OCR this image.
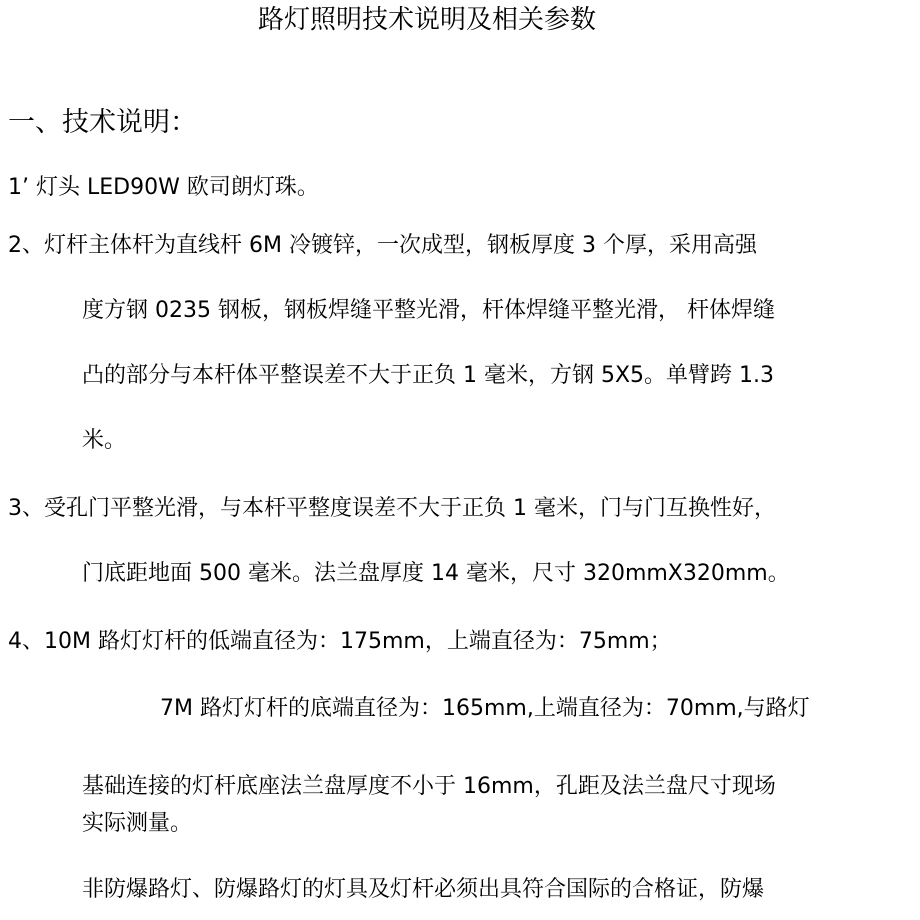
路灯照明技术说明及相关参数
一、技术说明：
1’ 灯头 LED90W 欧司朗灯珠。
2、灯杆主体杆为直线杆 6M 冷镀锌，一次成型，钢板厚度 3 个厚，采用高强
度方钢 0235 钢板，钢板焊缝平整光滑，杆体焊缝平整光滑， 杆体焊缝
凸的部分与本杆体平整误差不大于正负 1 毫米，方钢 5X5。单臂跨 1.3
米。
3、受孔门平整光滑，与本杆平整度误差不大于正负 1 毫米，门与门互换性好，
门底距地面 500 毫米。法兰盘厚度 14 毫米，尺寸 320mmX320mm。
4、10M 路灯灯杆的低端直径为：175mm，上端直径为：75mm；
7M 路灯灯杆的底端直径为：165mm,上端直径为：70mm,与路灯
基础连接的灯杆底座法兰盘厚度不小于 16mm，孔距及法兰盘尺寸现场
实际测量。
非防爆路灯、防爆路灯的灯具及灯杆必须出具符合国际的合格证，防爆
